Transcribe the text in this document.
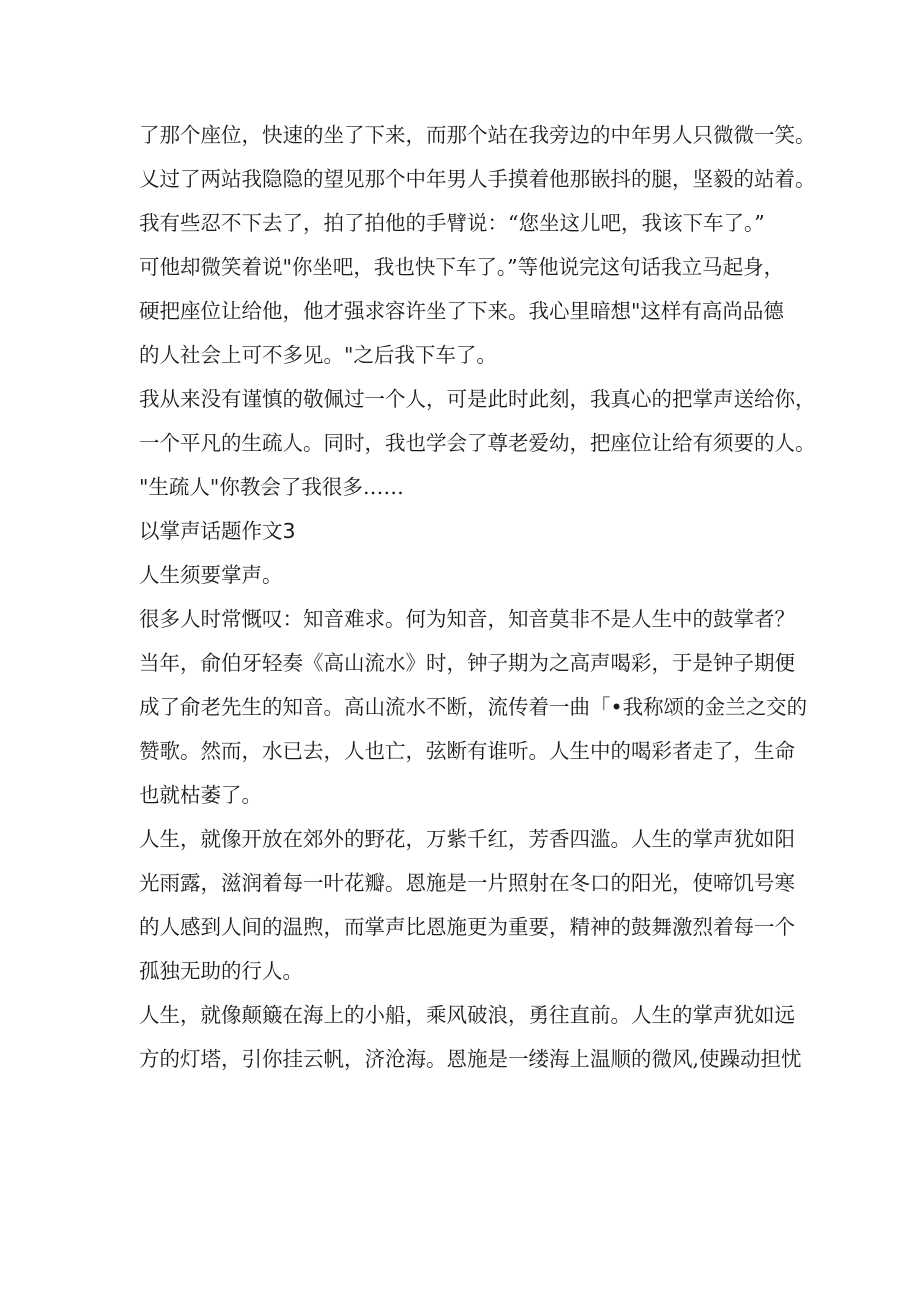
了那个座位，快速的坐了下来，而那个站在我旁边的中年男人只微微一笑。
乂过了两站我隐隐的望见那个中年男人手摸着他那嵌抖的腿，坚毅的站着。
我有些忍不下去了，拍了拍他的手臂说：“您坐这儿吧，我该下车了。”
可他却微笑着说"你坐吧，我也快下车了。”等他说完这句话我立马起身，
硬把座位让给他，他才强求容许坐了下来。我心里暗想"这样有高尚品德
的人社会上可不多见。"之后我下车了。
我从来没有谨慎的敬佩过一个人，可是此时此刻，我真心的把掌声送给你，
一个平凡的生疏人。同时，我也学会了尊老爱幼，把座位让给有须要的人。
"生疏人"你教会了我很多……
以掌声话题作文3
人生须要掌声。
很多人时常慨叹：知音难求。何为知音，知音莫非不是人生中的鼓掌者？
当年，俞伯牙轻奏《高山流水》时，钟子期为之高声喝彩，于是钟子期便
成了俞老先生的知音。高山流水不断，流传着一曲「•我称颂的金兰之交的
赞歌。然而，水已去，人也亡，弦断有谁听。人生中的喝彩者走了，生命
也就枯萎了。
人生，就像开放在郊外的野花，万紫千红，芳香四滥。人生的掌声犹如阳
光雨露，滋润着每一叶花瓣。恩施是一片照射在冬口的阳光，使啼饥号寒
的人感到人间的温煦，而掌声比恩施更为重要，精神的鼓舞激烈着每一个
孤独无助的行人。
人生，就像颠簸在海上的小船，乘风破浪，勇往直前。人生的掌声犹如远
方的灯塔，引你挂云帆，济沧海。恩施是一缕海上温顺的微风,使躁动担忧
